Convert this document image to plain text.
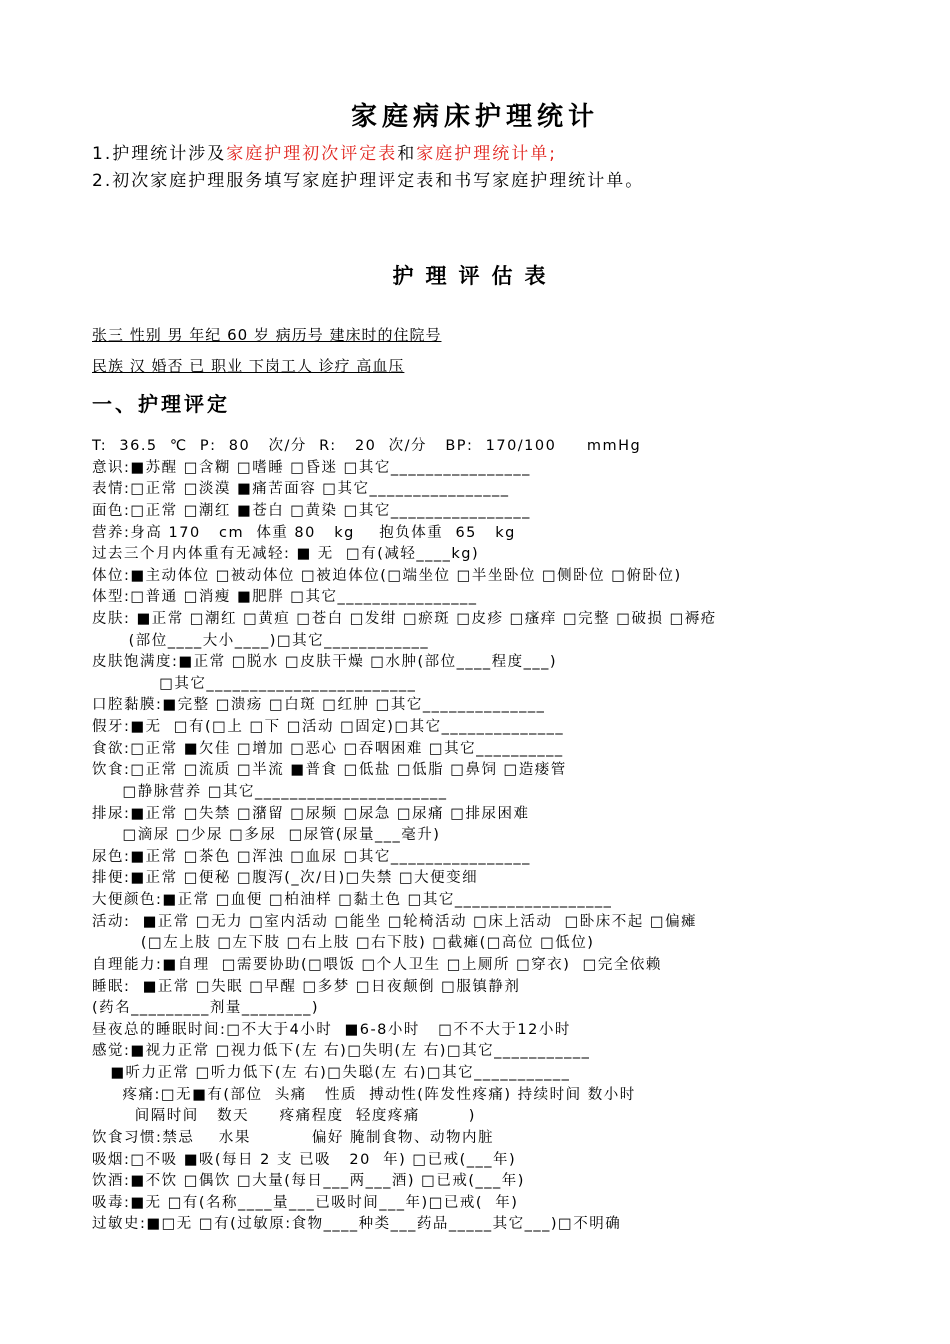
家庭病床护理统计
1.护理统计涉及家庭护理初次评定表和家庭护理统计单;
2.初次家庭护理服务填写家庭护理评定表和书写家庭护理统计单。
护理评估表
张三 性别 男 年纪 60 岁 病历号 建床时的住院号
民族 汉 婚否 已 职业 下岗工人 诊疗 高血压
一、护理评定
T:  36.5  ℃  P:  80   次/分  R:   20  次/分   BP:  170/100     mmHg
意识:■苏醒 □含糊 □嗜睡 □昏迷 □其它________________
表情:□正常 □淡漠 ■痛苦面容 □其它________________
面色:□正常 □潮红 ■苍白 □黄染 □其它________________
营养:身高 170   cm  体重 80   kg    抱负体重  65   kg
过去三个月内体重有无减轻: ■ 无  □有(减轻____kg)
体位:■主动体位 □被动体位 □被迫体位(□端坐位 □半坐卧位 □侧卧位 □俯卧位)
体型:□普通 □消瘦 ■肥胖 □其它________________
皮肤: ■正常 □潮红 □黄疸 □苍白 □发绀 □瘀斑 □皮疹 □瘙痒 □完整 □破损 □褥疮
(部位____大小____)□其它____________
皮肤饱满度:■正常 □脱水 □皮肤干燥 □水肿(部位____程度___)
□其它________________________
口腔黏膜:■完整 □溃疡 □白斑 □红肿 □其它______________
假牙:■无  □有(□上 □下 □活动 □固定)□其它______________
食欲:□正常 ■欠佳 □增加 □恶心 □吞咽困难 □其它__________
饮食:□正常 □流质 □半流 ■普食 □低盐 □低脂 □鼻饲 □造瘘管
□静脉营养 □其它______________________
排尿:■正常 □失禁 □潴留 □尿频 □尿急 □尿痛 □排尿困难
□滴尿 □少尿 □多尿  □尿管(尿量___毫升)
尿色:■正常 □茶色 □浑浊 □血尿 □其它________________
排便:■正常 □便秘 □腹泻(_次/日)□失禁 □大便变细
大便颜色:■正常 □血便 □柏油样 □黏土色 □其它__________________
活动:  ■正常 □无力 □室内活动 □能坐 □轮椅活动 □床上活动  □卧床不起 □偏瘫
(□左上肢 □左下肢 □右上肢 □右下肢) □截瘫(□高位 □低位)
自理能力:■自理  □需要协助(□喂饭 □个人卫生 □上厕所 □穿衣)  □完全依赖
睡眠:  ■正常 □失眠 □早醒 □多梦 □日夜颠倒 □服镇静剂
(药名_________剂量________)
昼夜总的睡眠时间:□不大于4小时  ■6-8小时   □不不大于12小时
感觉:■视力正常 □视力低下(左 右)□失明(左 右)□其它___________
■听力正常 □听力低下(左 右)□失聪(左 右)□其它___________
疼痛:□无■有(部位  头痛   性质  搏动性(阵发性疼痛) 持续时间 数小时
间隔时间   数天     疼痛程度  轻度疼痛        )
饮食习惯:禁忌    水果          偏好 腌制食物、动物内脏
吸烟:□不吸 ■吸(每日 2 支 已吸   20  年) □已戒(___年)
饮酒:■不饮 □偶饮 □大量(每日___两___酒) □已戒(___年)
吸毒:■无 □有(名称____量___已吸时间___年)□已戒(  年)
过敏史:■□无 □有(过敏原:食物____种类___药品_____其它___)□不明确
